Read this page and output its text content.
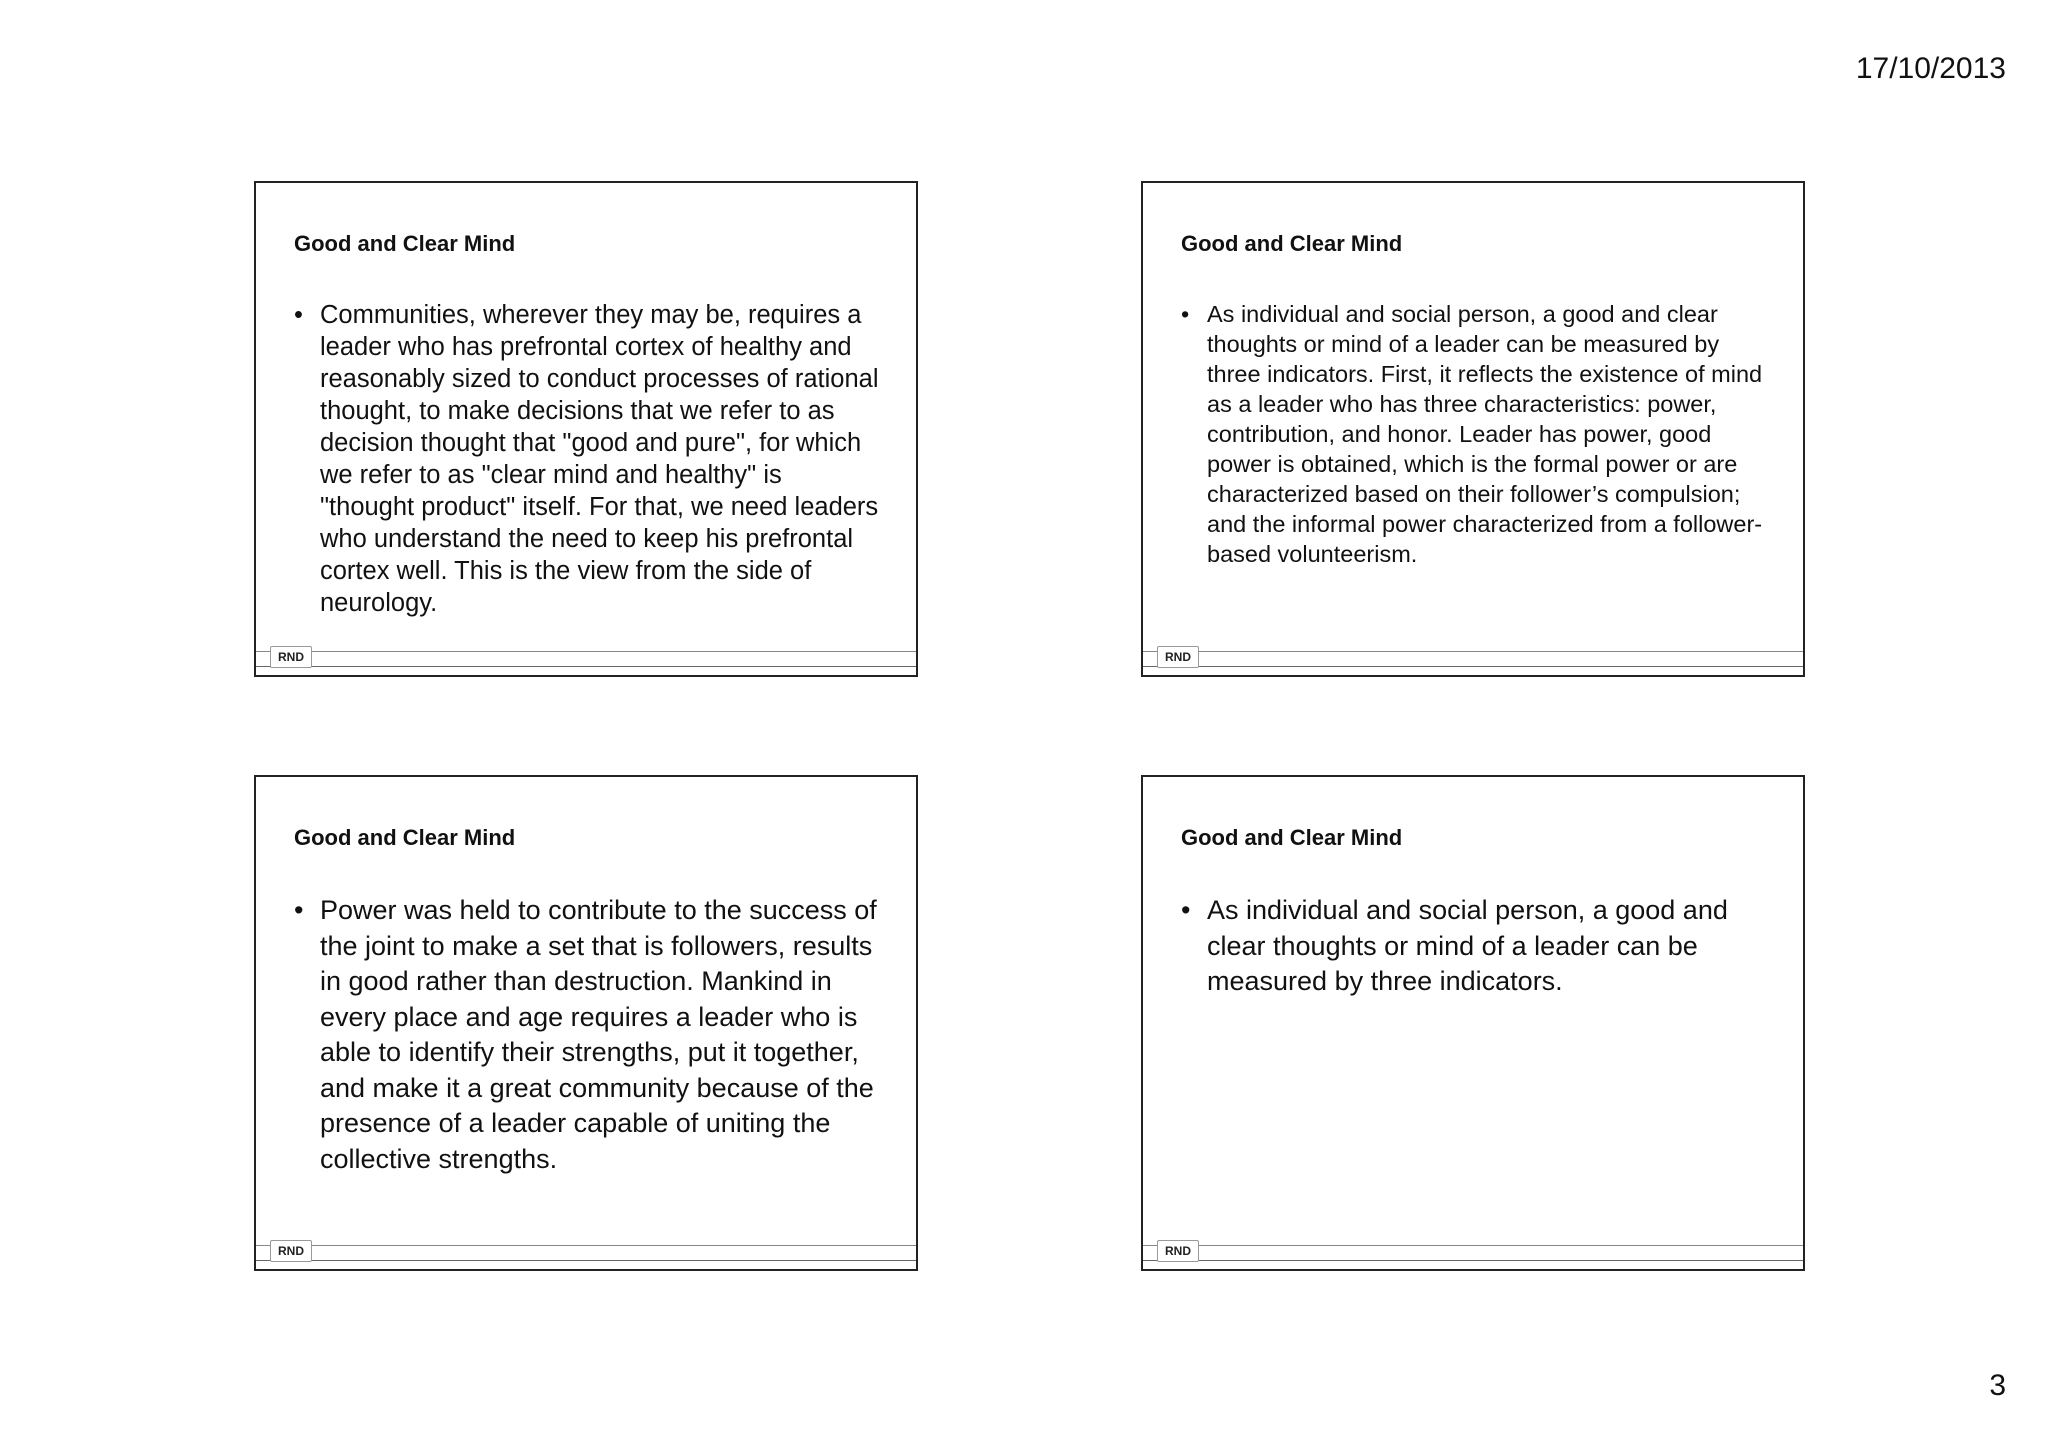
17/10/2013
Good and Clear Mind
• Communities, wherever they may be, requires a leader who has prefrontal cortex of healthy and reasonably sized to conduct processes of rational thought, to make decisions that we refer to as decision thought that "good and pure", for which we refer to as "clear mind and healthy" is "thought product" itself. For that, we need leaders who understand the need to keep his prefrontal cortex well. This is the view from the side of neurology.
RND
Good and Clear Mind
• As individual and social person, a good and clear thoughts or mind of a leader can be measured by three indicators. First, it reflects the existence of mind as a leader who has three characteristics: power, contribution, and honor. Leader has power, good power is obtained, which is the formal power or are characterized based on their follower’s compulsion; and the informal power characterized from a follower-based volunteerism.
RND
Good and Clear Mind
• Power was held to contribute to the success of the joint to make a set that is followers, results in good rather than destruction. Mankind in every place and age requires a leader who is able to identify their strengths, put it together, and make it a great community because of the presence of a leader capable of uniting the collective strengths.
RND
Good and Clear Mind
• As individual and social person, a good and clear thoughts or mind of a leader can be measured by three indicators.
RND
3
